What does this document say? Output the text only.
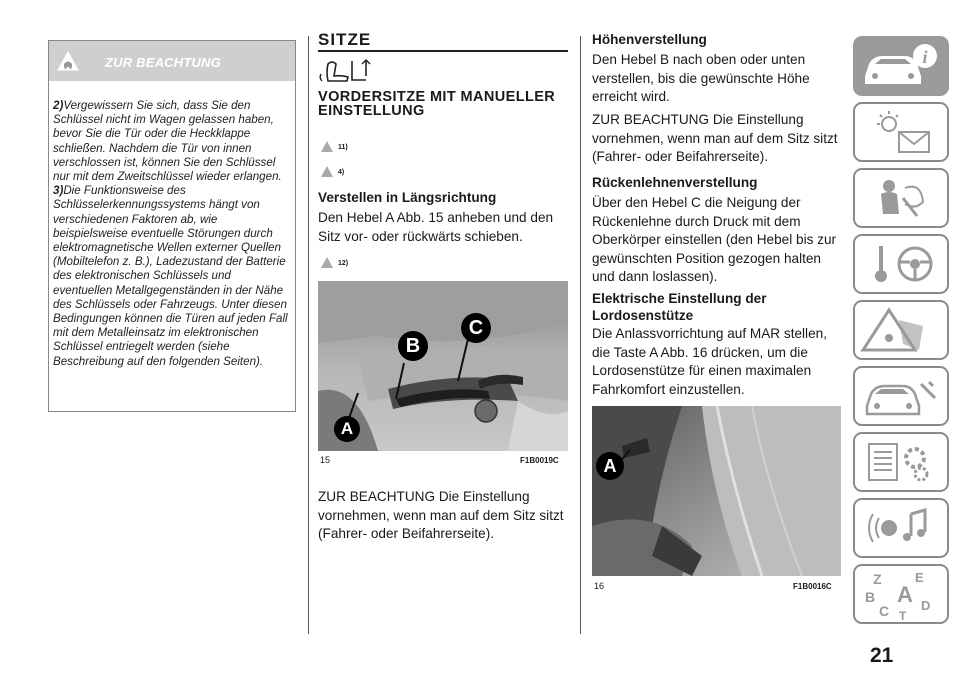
ZUR BEACHTUNG

2)Vergewissern Sie sich, dass Sie den Schlüssel nicht im Wagen gelassen haben, bevor Sie die Tür oder die Heckklappe schließen. Nachdem die Tür von innen verschlossen ist, können Sie den Schlüssel nur mit dem Zweitschlüssel wieder erlangen.

3)Die Funktionsweise des Schlüsselerkennungssystems hängt von verschiedenen Faktoren ab, wie beispielsweise eventuelle Störungen durch elektromagnetische Wellen externer Quellen (Mobiltelefon z. B.), Ladezustand der Batterie des elektronischen Schlüssels und eventuellen Metallgegenständen in der Nähe des Schlüssels oder Fahrzeugs. Unter diesen Bedingungen können die Türen auf jeden Fall mit dem Metalleinsatz im elektronischen Schlüssel entriegelt werden (siehe Beschreibung auf den folgenden Seiten).

SITZE
VORDERSITZE MIT MANUELLER EINSTELLUNG
11)
4)
Verstellen in Längsrichtung
Den Hebel A Abb. 15 anheben und den Sitz vor- oder rückwärts schieben.
12)
B
C
A
15	F1B0019C
ZUR BEACHTUNG Die Einstellung vornehmen, wenn man auf dem Sitz sitzt (Fahrer- oder Beifahrerseite).
Höhenverstellung
Den Hebel B nach oben oder unten verstellen, bis die gewünschte Höhe erreicht wird.
ZUR BEACHTUNG Die Einstellung vornehmen, wenn man auf dem Sitz sitzt (Fahrer- oder Beifahrerseite).
Rückenlehnenverstellung
Über den Hebel C die Neigung der Rückenlehne durch Druck mit dem Oberkörper einstellen (den Hebel bis zur gewünschten Position gezogen halten und dann loslassen).
Elektrische Einstellung der Lordosenstütze
Die Anlassvorrichtung auf MAR stellen, die Taste A Abb. 16 drücken, um die Lordosenstütze für einen maximalen Fahrkomfort einzustellen.
A
16	F1B0016C
i
Z	E
B A
C D
T
21
